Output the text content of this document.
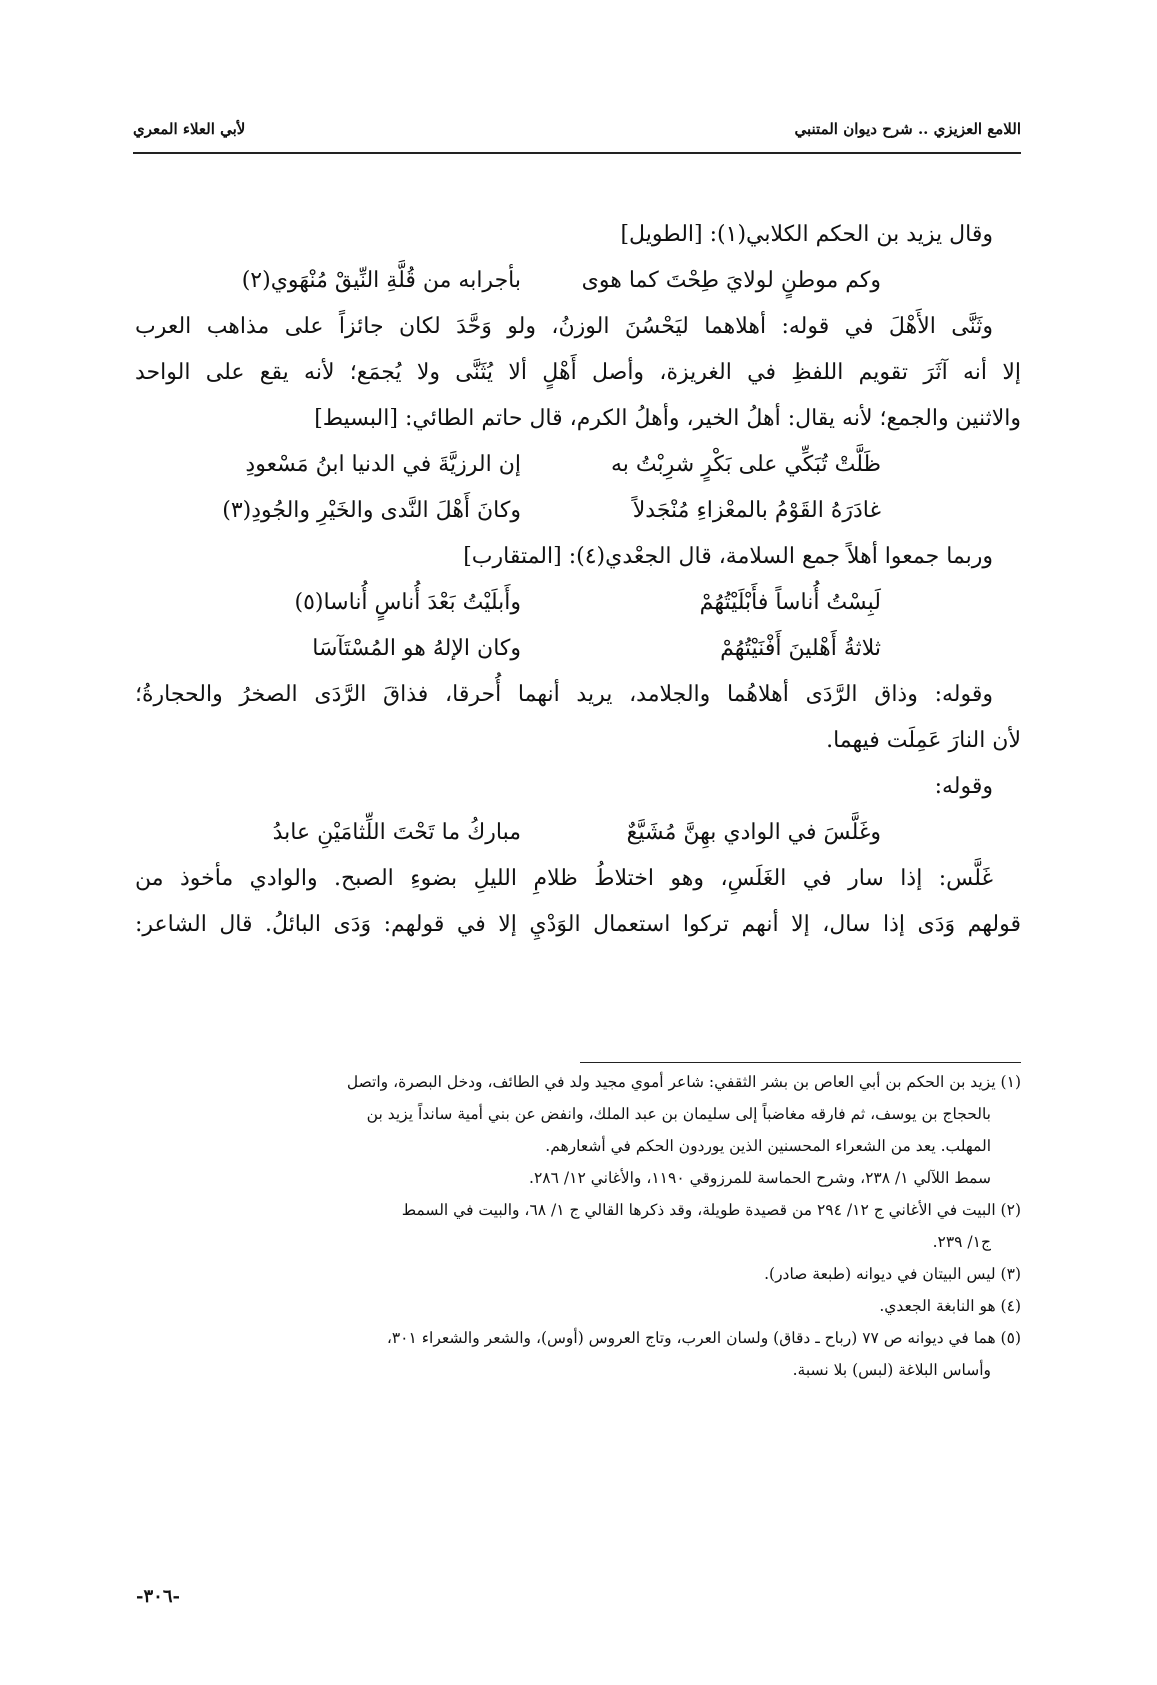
اللامع العزيزي .. شرح ديوان المتنبي
لأبي العلاء المعري
وقال يزيد بن الحكم الكلابي(١): [الطويل]
وكم موطنٍ لولايَ طِحْتَ كما هوى
بأجرابه من قُلَّةِ النِّيقْ مُنْهَوي(٢)
وثَنَّى الأَهْلَ في قوله: أهلاهما ليَحْسُنَ الوزنُ، ولو وَحَّدَ لكان جائزاً على مذاهب العرب
إلا أنه آثَرَ تقويم اللفظِ في الغريزة، وأصل أَهْلٍ ألا يُثَنَّى ولا يُجمَع؛ لأنه يقع على الواحد
والاثنين والجمع؛ لأنه يقال: أهلُ الخير، وأهلُ الكرم، قال حاتم الطائي: [البسيط]
ظَلَّتْ تُبَكِّي على بَكْرٍ شرِبْتُ به
إن الرزيَّةَ في الدنيا ابنُ مَسْعودِ
غادَرَهُ القَوْمُ بالمعْزاءِ مُنْجَدلاً
وكانَ أَهْلَ النَّدى والخَيْرِ والجُودِ(٣)
وربما جمعوا أهلاً جمع السلامة، قال الجعْدي(٤): [المتقارب]
لَبِسْتُ أُناساً فأَبْلَيْتُهُمْ
وأَبلَيْتُ بَعْدَ أُناسٍ أُناسا(٥)
ثلاثةُ أَهْلينَ أَفْنَيْتُهُمْ
وكان الإلهُ هو المُسْتَآسَا
وقوله: وذاق الرَّدَى أهلاهُما والجلامد، يريد أنهما أُحرقا، فذاقَ الرَّدَى الصخرُ والحجارةُ؛
لأن النارَ عَمِلَت فيهما.
وقوله:
وغَلَّسَ في الوادي بهِنَّ مُشَيَّعٌ
مباركُ ما تَحْتَ اللِّثامَيْنِ عابدُ
غَلَّس: إذا سار في الغَلَسِ، وهو اختلاطُ ظلامِ الليلِ بضوءِ الصبح. والوادي مأخوذ من
قولهم وَدَى إذا سال، إلا أنهم تركوا استعمال الوَدْيِ إلا في قولهم: وَدَى البائلُ. قال الشاعر:
(١) يزيد بن الحكم بن أبي العاص بن بشر الثقفي: شاعر أموي مجيد ولد في الطائف، ودخل البصرة، واتصل
بالحجاج بن يوسف، ثم فارقه مغاضباً إلى سليمان بن عبد الملك، وانفض عن بني أمية سانداً يزيد بن
المهلب. يعد من الشعراء المحسنين الذين يوردون الحكم في أشعارهم.
سمط اللآلي ١/ ٢٣٨، وشرح الحماسة للمرزوقي ١١٩٠، والأغاني ١٢/ ٢٨٦.
(٢) البيت في الأغاني ج ١٢/ ٢٩٤ من قصيدة طويلة، وقد ذكرها القالي ج ١/ ٦٨، والبيت في السمط
ج١/ ٢٣٩.
(٣) ليس البيتان في ديوانه (طبعة صادر).
(٤) هو النابغة الجعدي.
(٥) هما في ديوانه ص ٧٧ (رباح ـ دقاق) ولسان العرب، وتاج العروس (أوس)، والشعر والشعراء ٣٠١،
وأساس البلاغة (لبس) بلا نسبة.
-٣٠٦-
